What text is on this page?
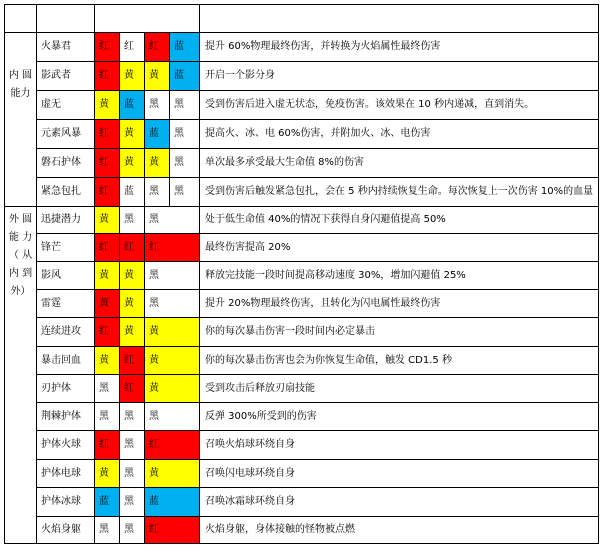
内 圆
能力	火暴君	红	红	红	蓝	提升 60%物理最终伤害，并转换为火焰属性最终伤害
	影武者	红	黄	黄	蓝	开启一个影分身
	虚无	黄	蓝	黑	黑	受到伤害后进入虚无状态，免疫伤害。该效果在 10 秒内递减，直到消失。
	元素风暴	红	黄	蓝	黑	提高火、冰、电 60%伤害，并附加火、冰、电伤害
	磐石护体	红	黄	黄	黑	单次最多承受最大生命值 8%的伤害
	紧急包扎	红	蓝	黑	黑	受到伤害后触发紧急包扎，会在 5 秒内持续恢复生命。每次恢复上一次伤害 10%的血量

外 圆
能 力
（ 从
内 到
外）	迅捷潜力	黄	黑	黑		处于低生命值 40%的情况下获得自身闪避值提高 50%
	锋芒	红	红	红		最终伤害提高 20%
	影风	黄	黄	黑		释放完技能一段时间提高移动速度 30%，增加闪避值 25%
	雷霆	黄	黄	黑		提升 20%物理最终伤害，且转化为闪电属性最终伤害
	连续进攻	红	黄	黄		你的每次暴击伤害一段时间内必定暴击
	暴击回血	黄	红	黄		你的每次暴击伤害也会为你恢复生命值，触发 CD1.5 秒
	刃护体	黑	红	黄		受到攻击后释放刃扇技能
	荆棘护体	黑	黑	黑		反弹 300%所受到的伤害
	护体火球	红	黑	红		召唤火焰球环绕自身
	护体电球	黄	黑	黄		召唤闪电球环绕自身
	护体冰球	蓝	黑	蓝		召唤冰霜球环绕自身
	火焰身躯	黑	黑	红		火焰身躯，身体接触的怪物被点燃
